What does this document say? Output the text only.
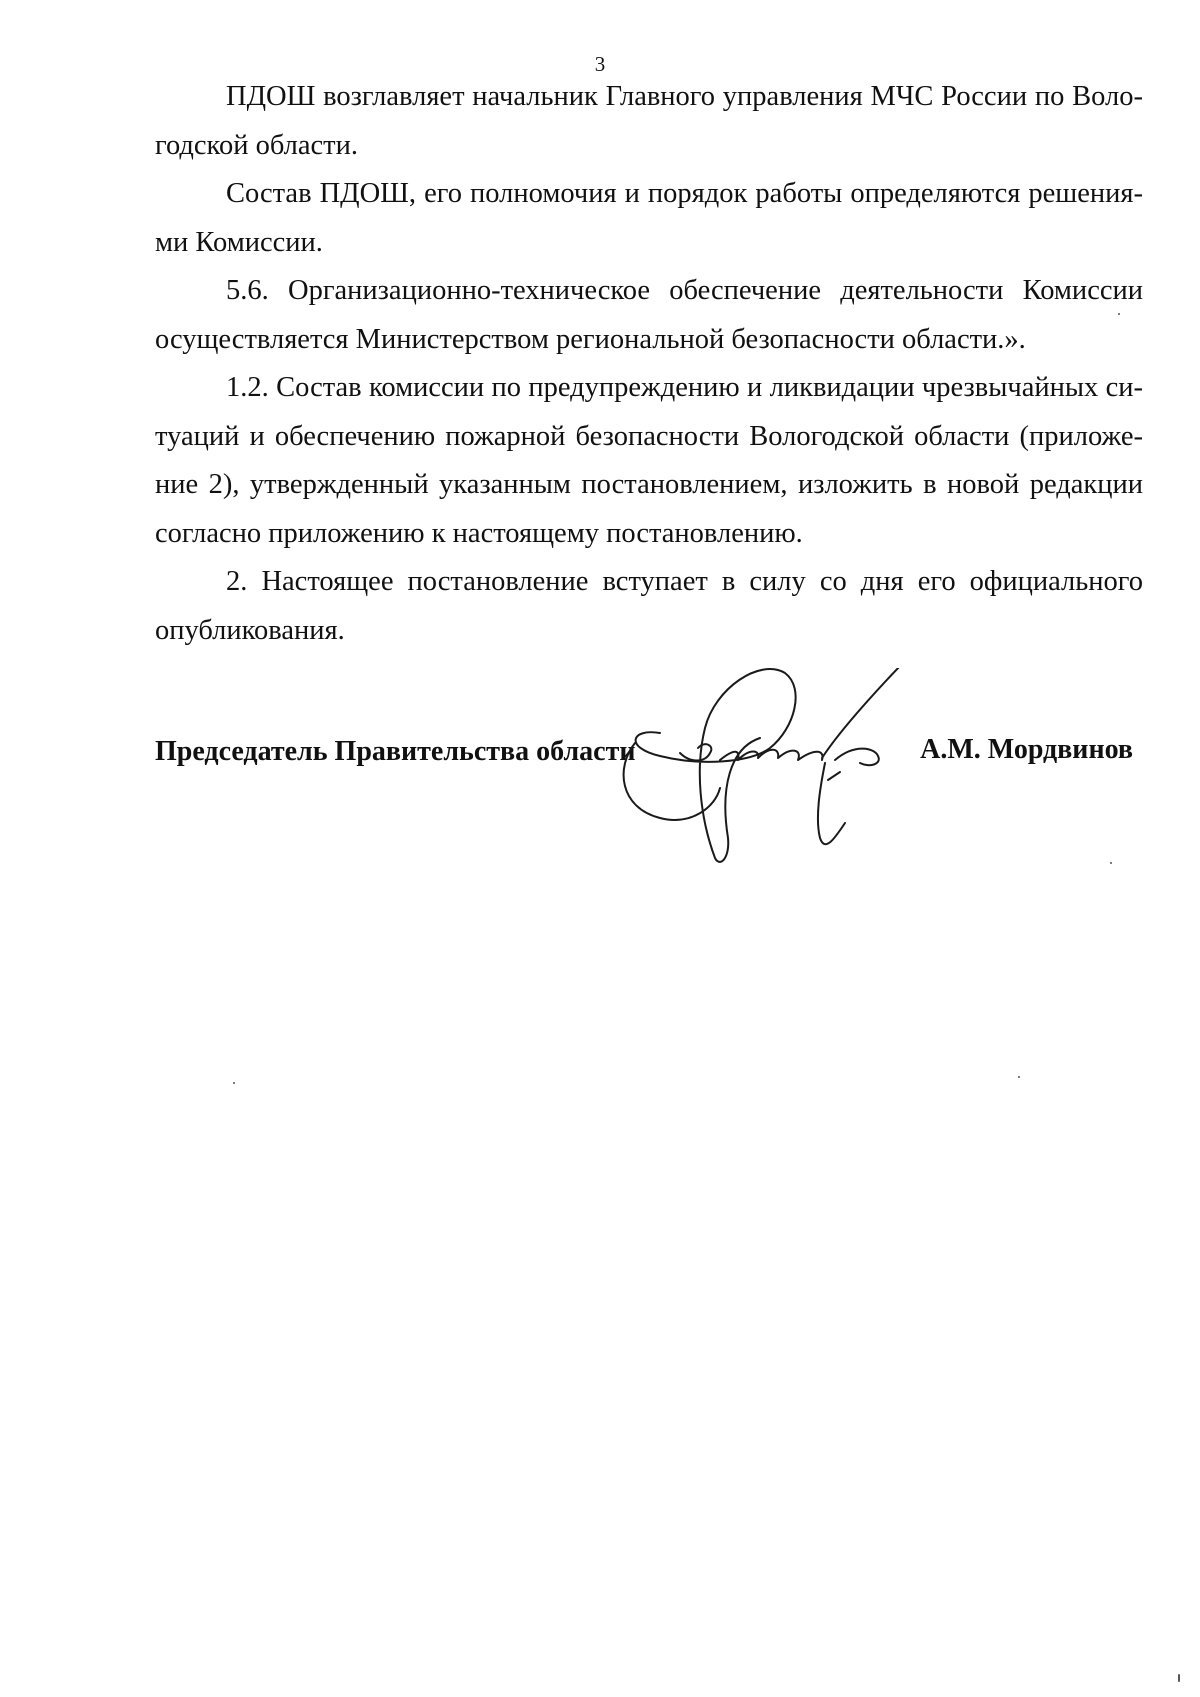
3

ПДОШ возглавляет начальник Главного управления МЧС России по Вологодской области.

Состав ПДОШ, его полномочия и порядок работы определяются решениями Комиссии.

5.6. Организационно-техническое обеспечение деятельности Комиссии осуществляется Министерством региональной безопасности области.».

1.2. Состав комиссии по предупреждению и ликвидации чрезвычайных ситуаций и обеспечению пожарной безопасности Вологодской области (приложение 2), утвержденный указанным постановлением, изложить в новой редакции согласно приложению к настоящему постановлению.

2. Настоящее постановление вступает в силу со дня его официального опубликования.

Председатель Правительства области	А.М. Мордвинов
